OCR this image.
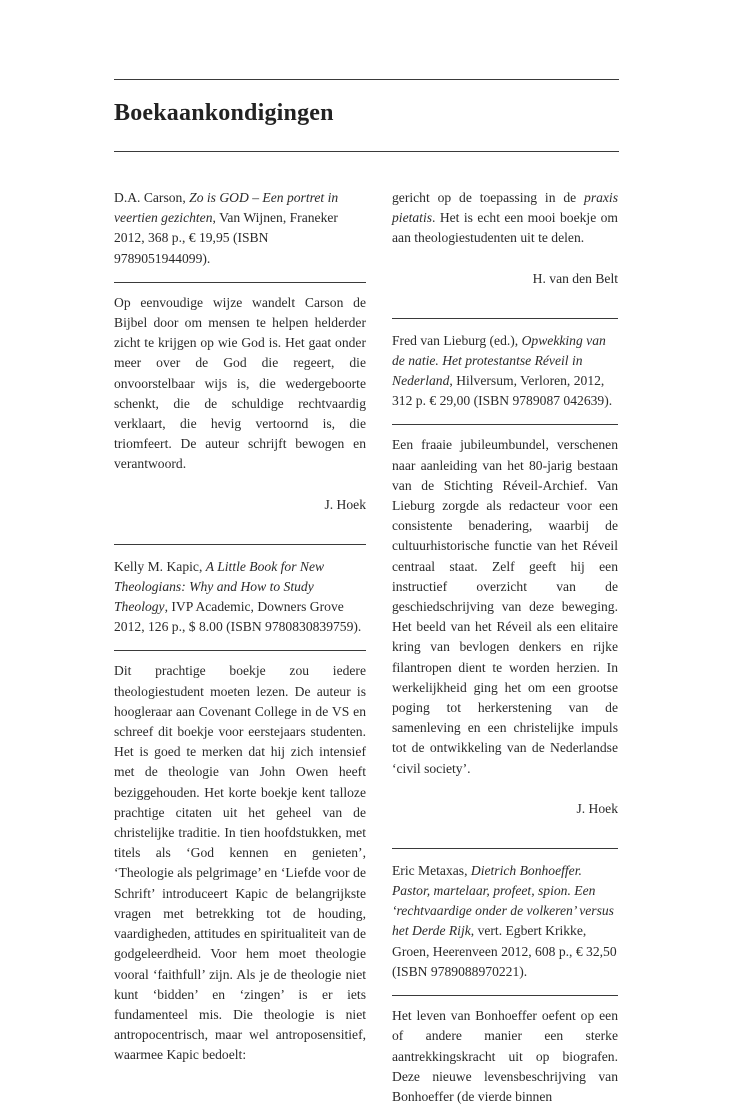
Boekaankondigingen

D.A. Carson, Zo is GOD – Een portret in veertien gezichten, Van Wijnen, Franeker 2012, 368 p., € 19,95 (ISBN 9789051944099).

Op eenvoudige wijze wandelt Carson de Bijbel door om mensen te helpen helderder zicht te krijgen op wie God is. Het gaat onder meer over de God die regeert, die onvoorstelbaar wijs is, die wedergeboorte schenkt, die de schuldige rechtvaardig verklaart, die hevig vertoornd is, die triomfeert. De auteur schrijft bewogen en verantwoord.

J. Hoek

Kelly M. Kapic, A Little Book for New Theologians: Why and How to Study Theology, IVP Academic, Downers Grove 2012, 126 p., $ 8.00 (ISBN 9780830839759).

Dit prachtige boekje zou iedere theologiestudent moeten lezen. De auteur is hoogleraar aan Covenant College in de VS en schreef dit boekje voor eerstejaars studenten. Het is goed te merken dat hij zich intensief met de theologie van John Owen heeft beziggehouden. Het korte boekje kent talloze prachtige citaten uit het geheel van de christelijke traditie. In tien hoofdstukken, met titels als ‘God kennen en genieten’, ‘Theologie als pelgrimage’ en ‘Liefde voor de Schrift’ introduceert Kapic de belangrijkste vragen met betrekking tot de houding, vaardigheden, attitudes en spiritualiteit van de godgeleerdheid. Voor hem moet theologie vooral ‘faithfull’ zijn. Als je de theologie niet kunt ‘bidden’ en ‘zingen’ is er iets fundamenteel mis. Die theologie is niet antropocentrisch, maar wel antroposensitief, waarmee Kapic bedoelt:

gericht op de toepassing in de praxis pietatis. Het is echt een mooi boekje om aan theologiestudenten uit te delen.

H. van den Belt

Fred van Lieburg (ed.), Opwekking van de natie. Het protestantse Réveil in Nederland, Hilversum, Verloren, 2012, 312 p. € 29,00 (ISBN 9789087 042639).

Een fraaie jubileumbundel, verschenen naar aanleiding van het 80-jarig bestaan van de Stichting Réveil-Archief. Van Lieburg zorgde als redacteur voor een consistente benadering, waarbij de cultuurhistorische functie van het Réveil centraal staat. Zelf geeft hij een instructief overzicht van de geschiedschrijving van deze beweging. Het beeld van het Réveil als een elitaire kring van bevlogen denkers en rijke filantropen dient te worden herzien. In werkelijkheid ging het om een grootse poging tot herkerstening van de samenleving en een christelijke impuls tot de ontwikkeling van de Nederlandse ‘civil society’.

J. Hoek

Eric Metaxas, Dietrich Bonhoeffer. Pastor, martelaar, profeet, spion. Een ‘rechtvaardige onder de volkeren’ versus het Derde Rijk, vert. Egbert Krikke, Groen, Heerenveen 2012, 608 p., € 32,50 (ISBN 9789088970221).

Het leven van Bonhoeffer oefent op een of andere manier een sterke aantrekkingskracht uit op biografen. Deze nieuwe levensbeschrijving van Bonhoeffer (de vierde binnen
